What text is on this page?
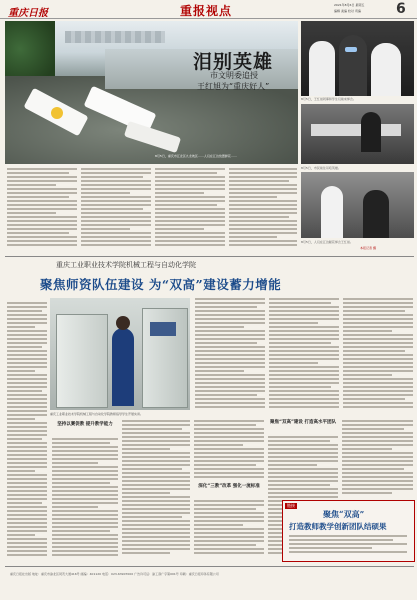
重庆日报	重报视点	2021年8月6日 星期五
编辑 美编 校对 责编	6
泪别英雄
市文明委追授
王红旭为“重庆好人”
8月5日，重庆市江北区九龙坡区……人们在江边放置鲜花……
8月5日，王红旭同事和学生们前来悼念。
8月5日，市民前往吊唁英雄。
8月5日，人们在江边献花悼念王红旭。
本报记者 摄
重庆工业职业技术学院机械工程与自动化学院
聚焦师资队伍建设 为“双高”建设蓄力增能
重庆工业职业技术学院机械工程与自动化学院教师指导学生开展实训。
坚持以赛促教 提升教学能力
深化“三教”改革 强化一流标准
聚焦“双高”建设 打造高水平团队
链接
聚焦“双高”
打造教师教学创新团队结硕果
重庆日报社出版 地址：重庆市渝北区同茂大道416号 邮编：401120 电话：023-63907000 广告许可证：渝工商广字第001号 印刷：重庆日报印务有限公司
